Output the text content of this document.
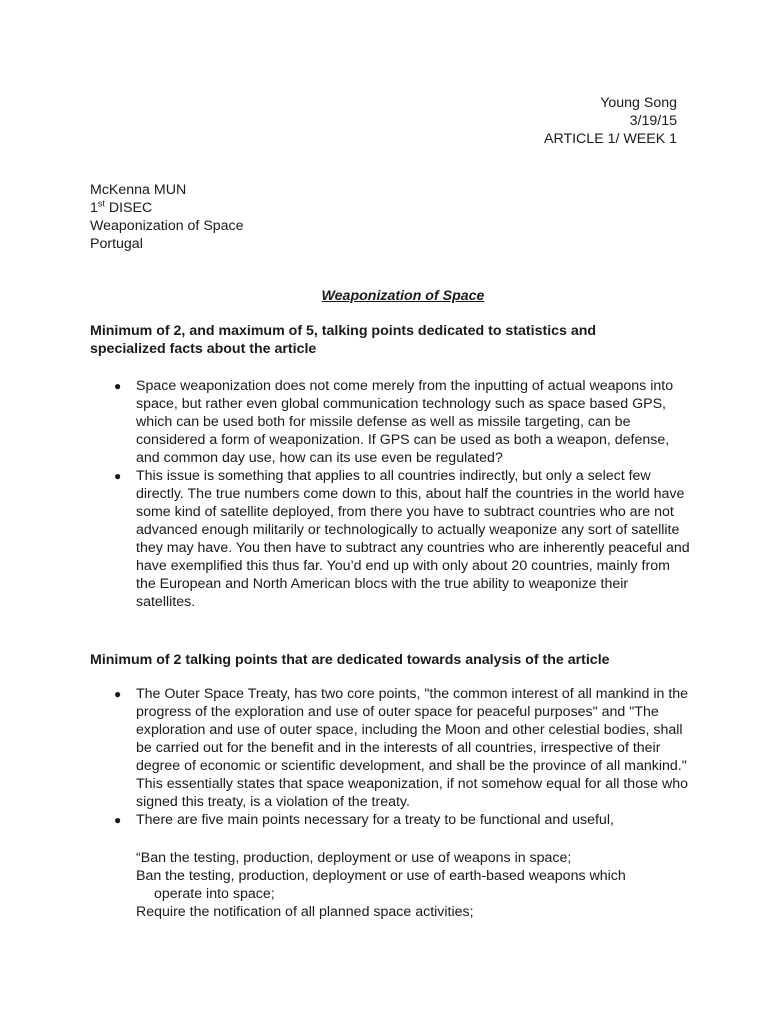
Young Song
3/19/15
ARTICLE 1/ WEEK 1
McKenna MUN
1st DISEC
Weaponization of Space
Portugal
Weaponization of Space
Minimum of 2, and maximum of 5, talking points dedicated to statistics and specialized facts about the article
● Space weaponization does not come merely from the inputting of actual weapons into space, but rather even global communication technology such as space based GPS, which can be used both for missile defense as well as missile targeting, can be considered a form of weaponization. If GPS can be used as both a weapon, defense, and common day use, how can its use even be regulated?
● This issue is something that applies to all countries indirectly, but only a select few directly. The true numbers come down to this, about half the countries in the world have some kind of satellite deployed, from there you have to subtract countries who are not advanced enough militarily or technologically to actually weaponize any sort of satellite they may have. You then have to subtract any countries who are inherently peaceful and have exemplified this thus far. You’d end up with only about 20 countries, mainly from the European and North American blocs with the true ability to weaponize their satellites.
Minimum of 2 talking points that are dedicated towards analysis of the article
● The Outer Space Treaty, has two core points, "the common interest of all mankind in the progress of the exploration and use of outer space for peaceful purposes" and "The exploration and use of outer space, including the Moon and other celestial bodies, shall be carried out for the benefit and in the interests of all countries, irrespective of their degree of economic or scientific development, and shall be the province of all mankind." This essentially states that space weaponization, if not somehow equal for all those who signed this treaty, is a violation of the treaty.
● There are five main points necessary for a treaty to be functional and useful,
“Ban the testing, production, deployment or use of weapons in space;
Ban the testing, production, deployment or use of earth-based weapons which
operate into space;
Require the notification of all planned space activities;
